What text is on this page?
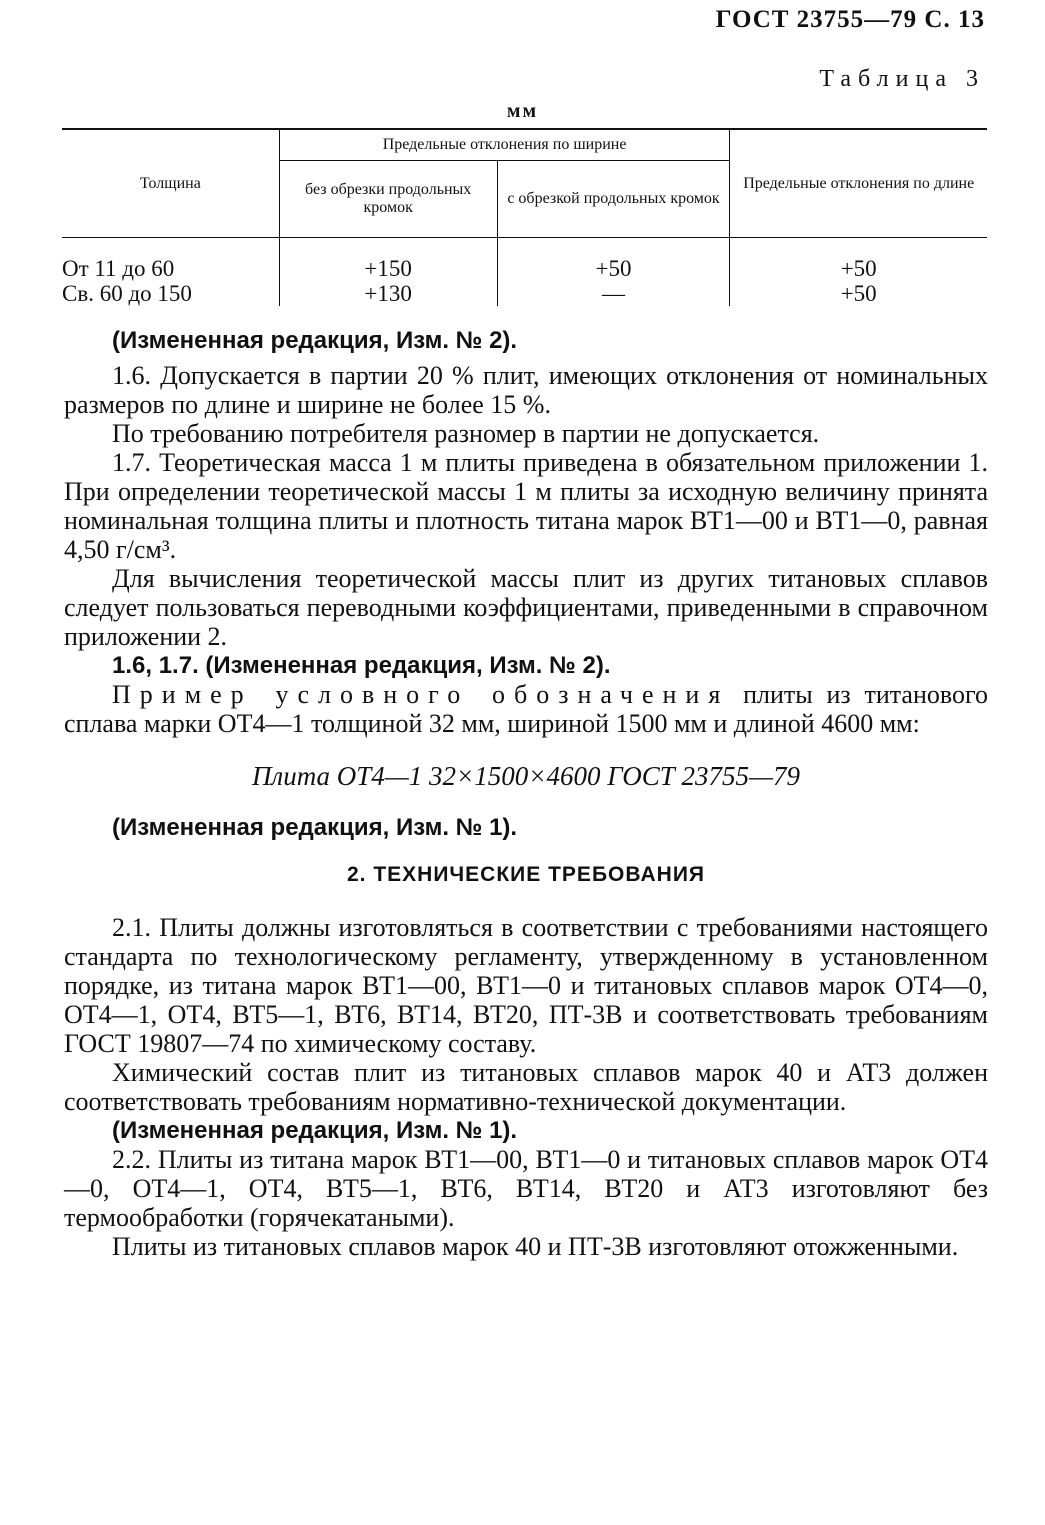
ГОСТ 23755—79 С. 13
Таблица 3
мм
Толщина	Предельные отклонения по ширине		Предельные отклонения по длине
	без обрезки продольных кромок	с обрезкой продольных кромок	
От 11 до 60	+150	+50	+50
Св. 60 до 150	+130	—	+50

(Измененная редакция, Изм. № 2).

1.6. Допускается в партии 20 % плит, имеющих отклонения от номинальных размеров по длине и ширине не более 15 %.

По требованию потребителя разномер в партии не допускается.

1.7. Теоретическая масса 1 м плиты приведена в обязательном приложении 1. При определении теоретической массы 1 м плиты за исходную величину принята номинальная толщина плиты и плотность титана марок ВТ1—00 и ВТ1—0, равная 4,50 г/см³.

Для вычисления теоретической массы плит из других титановых сплавов следует пользоваться переводными коэффициентами, приведенными в справочном приложении 2.

1.6, 1.7. (Измененная редакция, Изм. № 2).

Пример условного обозначения плиты из титанового сплава марки ОТ4—1 толщиной 32 мм, шириной 1500 мм и длиной 4600 мм:

Плита ОТ4—1 32×1500×4600 ГОСТ 23755—79

(Измененная редакция, Изм. № 1).

2. ТЕХНИЧЕСКИЕ ТРЕБОВАНИЯ

2.1. Плиты должны изготовляться в соответствии с требованиями настоящего стандарта по технологическому регламенту, утвержденному в установленном порядке, из титана марок ВТ1—00, ВТ1—0 и титановых сплавов марок ОТ4—0, ОТ4—1, ОТ4, ВТ5—1, ВТ6, ВТ14, ВТ20, ПТ-3В и соответствовать требованиям ГОСТ 19807—74 по химическому составу.

Химический состав плит из титановых сплавов марок 40 и АТ3 должен соответствовать требованиям нормативно-технической документации.

(Измененная редакция, Изм. № 1).

2.2. Плиты из титана марок ВТ1—00, ВТ1—0 и титановых сплавов марок ОТ4—0, ОТ4—1, ОТ4, ВТ5—1, ВТ6, ВТ14, ВТ20 и АТ3 изготовляют без термообработки (горячекатаными).

Плиты из титановых сплавов марок 40 и ПТ-3В изготовляют отожженными.
